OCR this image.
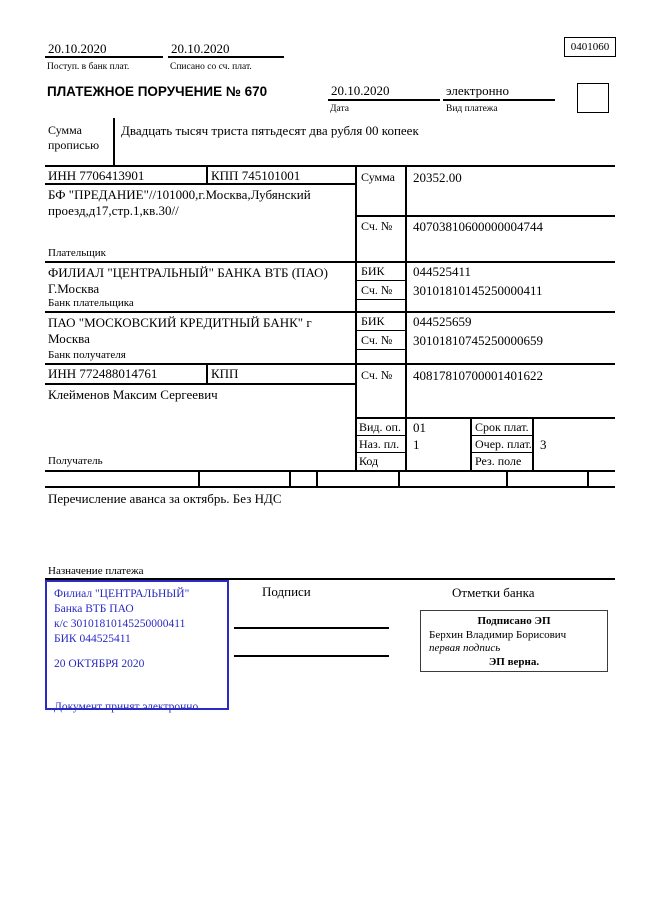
20.10.2020
Поступ. в банк плат.
20.10.2020
Списано со сч. плат.
0401060
ПЛАТЕЖНОЕ ПОРУЧЕНИЕ № 670	20.10.2020
Дата
электронно
Вид платежа
Сумма прописью
Двадцать тысяч триста пятьдесят два рубля 00 копеек
ИНН 7706413901	КПП 745101001
БФ "ПРЕДАНИЕ"//101000,г.Москва,Лубянский проезд,д17,стр.1,кв.30//
Плательщик
ФИЛИАЛ "ЦЕНТРАЛЬНЫЙ" БАНКА ВТБ (ПАО) Г.Москва
Банк плательщика
ПАО "МОСКОВСКИЙ КРЕДИТНЫЙ БАНК" г Москва
Банк получателя
ИНН 772488014761	КПП
Клейменов Максим Сергеевич
Получатель
Сумма 20352.00
Сч. № 40703810600000004744
БИК 044525411
Сч. № 30101810145250000411
БИК 044525659
Сч. № 30101810745250000659
Сч. № 40817810700001401622
Вид. оп. 01	Срок плат.
Наз. пл. 1	Очер. плат. 3
Код	Рез. поле
Перечисление аванса за октябрь. Без НДС
Назначение платежа
Филиал "ЦЕНТРАЛЬНЫЙ" Банка ВТБ ПАО
к/с 30101810145250000411
БИК 044525411
20 ОКТЯБРЯ 2020
Документ принят электронно
Подписи	Отметки банка
Подписано ЭП
Берхин Владимир Борисович
первая подпись
ЭП верна.
